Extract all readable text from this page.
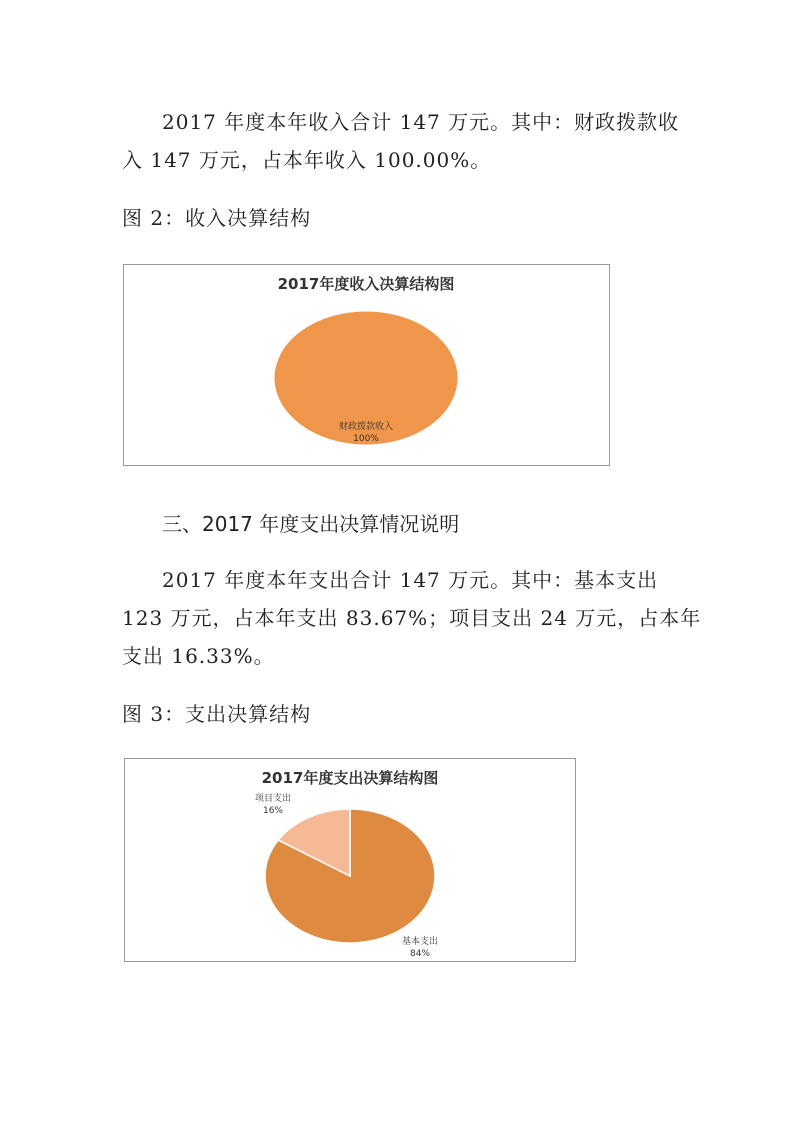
2017 年度本年收入合计 147 万元。其中：财政拨款收
入 147 万元，占本年收入 100.00%。

图 2：收入决算结构

2017年度收入决算结构图
财政拨款收入
100%
三、2017 年度支出决算情况说明
2017 年度本年支出合计 147 万元。其中：基本支出
123 万元，占本年支出 83.67%；项目支出 24 万元，占本年
支出 16.33%。

图 3：支出决算结构

2017年度支出决算结构图
基本支出
84%
项目支出
16%
